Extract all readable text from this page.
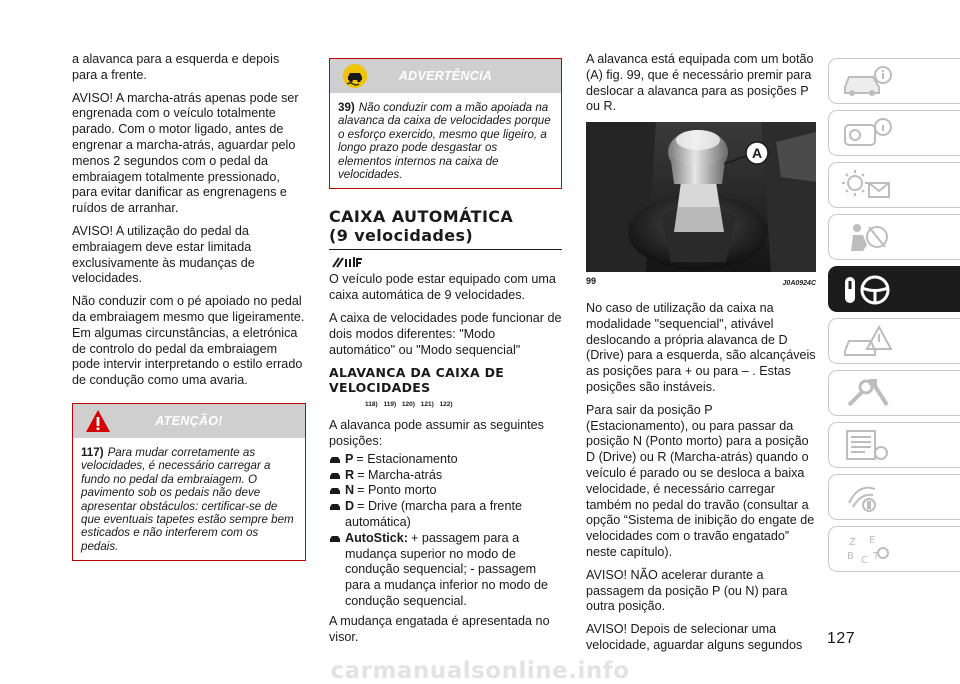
a alavanca para a esquerda e depois para a frente.

AVISO! A marcha-atrás apenas pode ser engrenada com o veículo totalmente parado. Com o motor ligado, antes de engrenar a marcha-atrás, aguardar pelo menos 2 segundos com o pedal da embraiagem totalmente pressionado, para evitar danificar as engrenagens e ruídos de arranhar.

AVISO! A utilização do pedal da embraiagem deve estar limitada exclusivamente às mudanças de velocidades.

Não conduzir com o pé apoiado no pedal da embraiagem mesmo que ligeiramente. Em algumas circunstâncias, a eletrónica de controlo do pedal da embraiagem pode intervir interpretando o estilo errado de condução como uma avaria.

ATENÇÃO!
117) Para mudar corretamente as velocidades, é necessário carregar a fundo no pedal da embraiagem. O pavimento sob os pedais não deve apresentar obstáculos: certificar-se de que eventuais tapetes estão sempre bem esticados e não interferem com os pedais.
ADVERTÊNCIA
39) Não conduzir com a mão apoiada na alavanca da caixa de velocidades porque o esforço exercido, mesmo que ligeiro, a longo prazo pode desgastar os elementos internos na caixa de velocidades.
CAIXA AUTOMÁTICA
(9 velocidades)

O veículo pode estar equipado com uma caixa automática de 9 velocidades.

A caixa de velocidades pode funcionar de dois modos diferentes: "Modo automático" ou "Modo sequencial"

ALAVANCA DA CAIXA DE VELOCIDADES
118) 119) 120) 121) 122)

A alavanca pode assumir as seguintes posições:

P = Estacionamento
R = Marcha-atrás
N = Ponto morto
D = Drive (marcha para a frente automática)
AutoStick: + passagem para a mudança superior no modo de condução sequencial; - passagem para a mudança inferior no modo de condução sequencial.

A mudança engatada é apresentada no visor.

A alavanca está equipada com um botão (A) fig. 99, que é necessário premir para deslocar a alavanca para as posições P ou R.

A
99	J0A0924C

No caso de utilização da caixa na modalidade "sequencial", ativável deslocando a própria alavanca de D (Drive) para a esquerda, são alcançáveis as posições para + ou para – . Estas posições são instáveis.

Para sair da posição P (Estacionamento), ou para passar da posição N (Ponto morto) para a posição D (Drive) ou R (Marcha-atrás) quando o veículo é parado ou se desloca a baixa velocidade, é necessário carregar também no pedal do travão (consultar a opção “Sistema de inibição do engate de velocidades com o travão engatado” neste capítulo).

AVISO! NÃO acelerar durante a passagem da posição P (ou N) para outra posição.

AVISO! Depois de selecionar uma velocidade, aguardar alguns segundos

Z E
B C T
127
carmanualsonline.info
